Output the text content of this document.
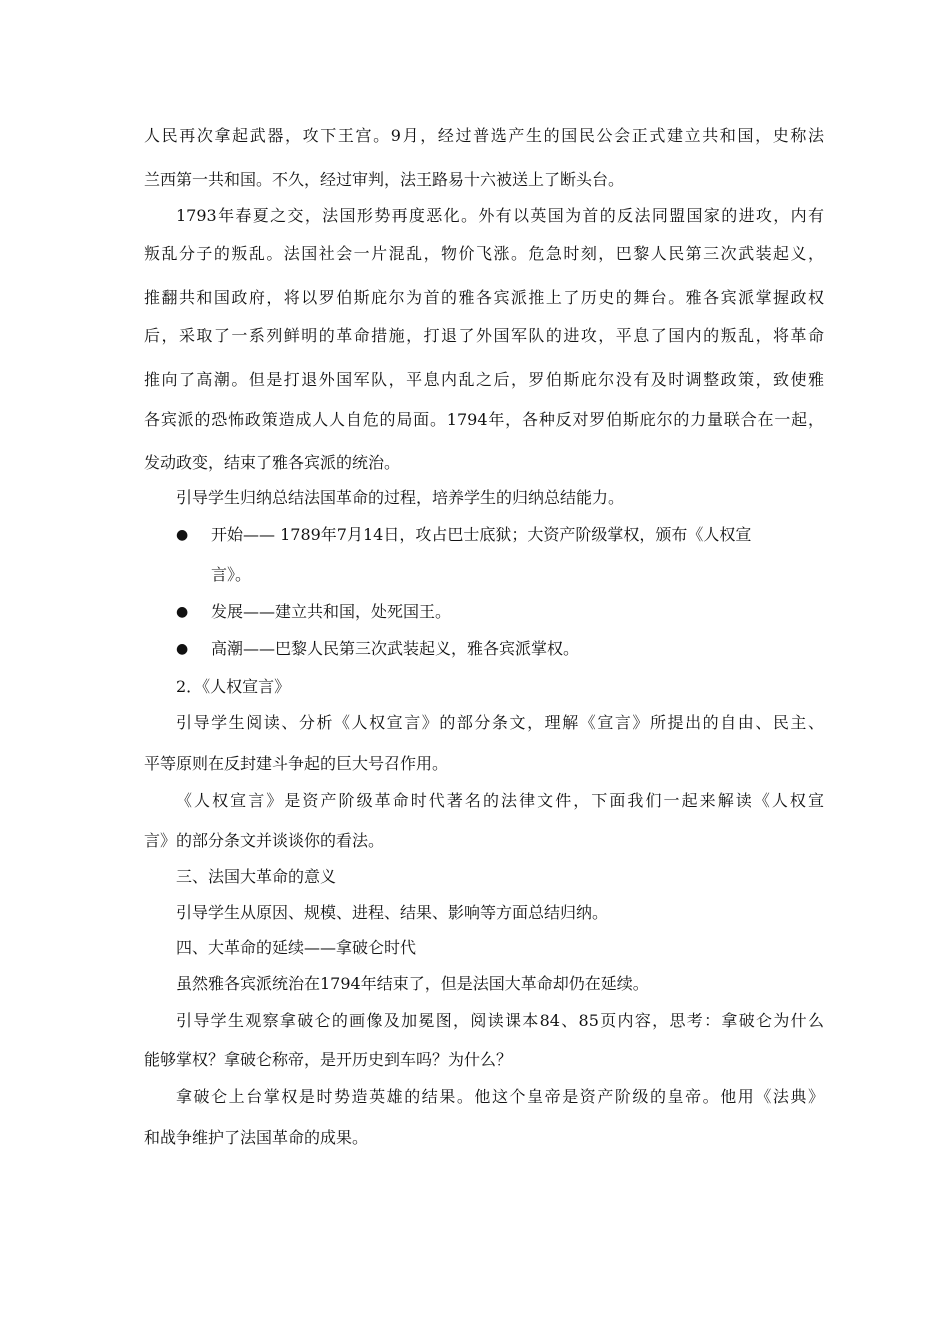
人民再次拿起武器，攻下王宫。9月，经过普选产生的国民公会正式建立共和国，史称法
兰西第一共和国。不久，经过审判，法王路易十六被送上了断头台。
1793年春夏之交，法国形势再度恶化。外有以英国为首的反法同盟国家的进攻，内有
叛乱分子的叛乱。法国社会一片混乱，物价飞涨。危急时刻，巴黎人民第三次武装起义，
推翻共和国政府，将以罗伯斯庇尔为首的雅各宾派推上了历史的舞台。雅各宾派掌握政权
后，采取了一系列鲜明的革命措施，打退了外国军队的进攻，平息了国内的叛乱，将革命
推向了高潮。但是打退外国军队，平息内乱之后，罗伯斯庇尔没有及时调整政策，致使雅
各宾派的恐怖政策造成人人自危的局面。1794年，各种反对罗伯斯庇尔的力量联合在一起，
发动政变，结束了雅各宾派的统治。
引导学生归纳总结法国革命的过程，培养学生的归纳总结能力。
● 开始—— 1789年7月14日，攻占巴士底狱；大资产阶级掌权，颁布《人权宣
言》。
● 发展——建立共和国，处死国王。
● 高潮——巴黎人民第三次武装起义，雅各宾派掌权。
2．《人权宣言》
引导学生阅读、分析《人权宣言》的部分条文，理解《宣言》所提出的自由、民主、
平等原则在反封建斗争起的巨大号召作用。
《人权宣言》是资产阶级革命时代著名的法律文件，下面我们一起来解读《人权宣
言》的部分条文并谈谈你的看法。
三、法国大革命的意义
引导学生从原因、规模、进程、结果、影响等方面总结归纳。
四、大革命的延续——拿破仑时代
虽然雅各宾派统治在1794年结束了，但是法国大革命却仍在延续。
引导学生观察拿破仑的画像及加冕图，阅读课本84、85页内容，思考：拿破仑为什么
能够掌权？拿破仑称帝，是开历史到车吗？为什么？
拿破仑上台掌权是时势造英雄的结果。他这个皇帝是资产阶级的皇帝。他用《法典》
和战争维护了法国革命的成果。
